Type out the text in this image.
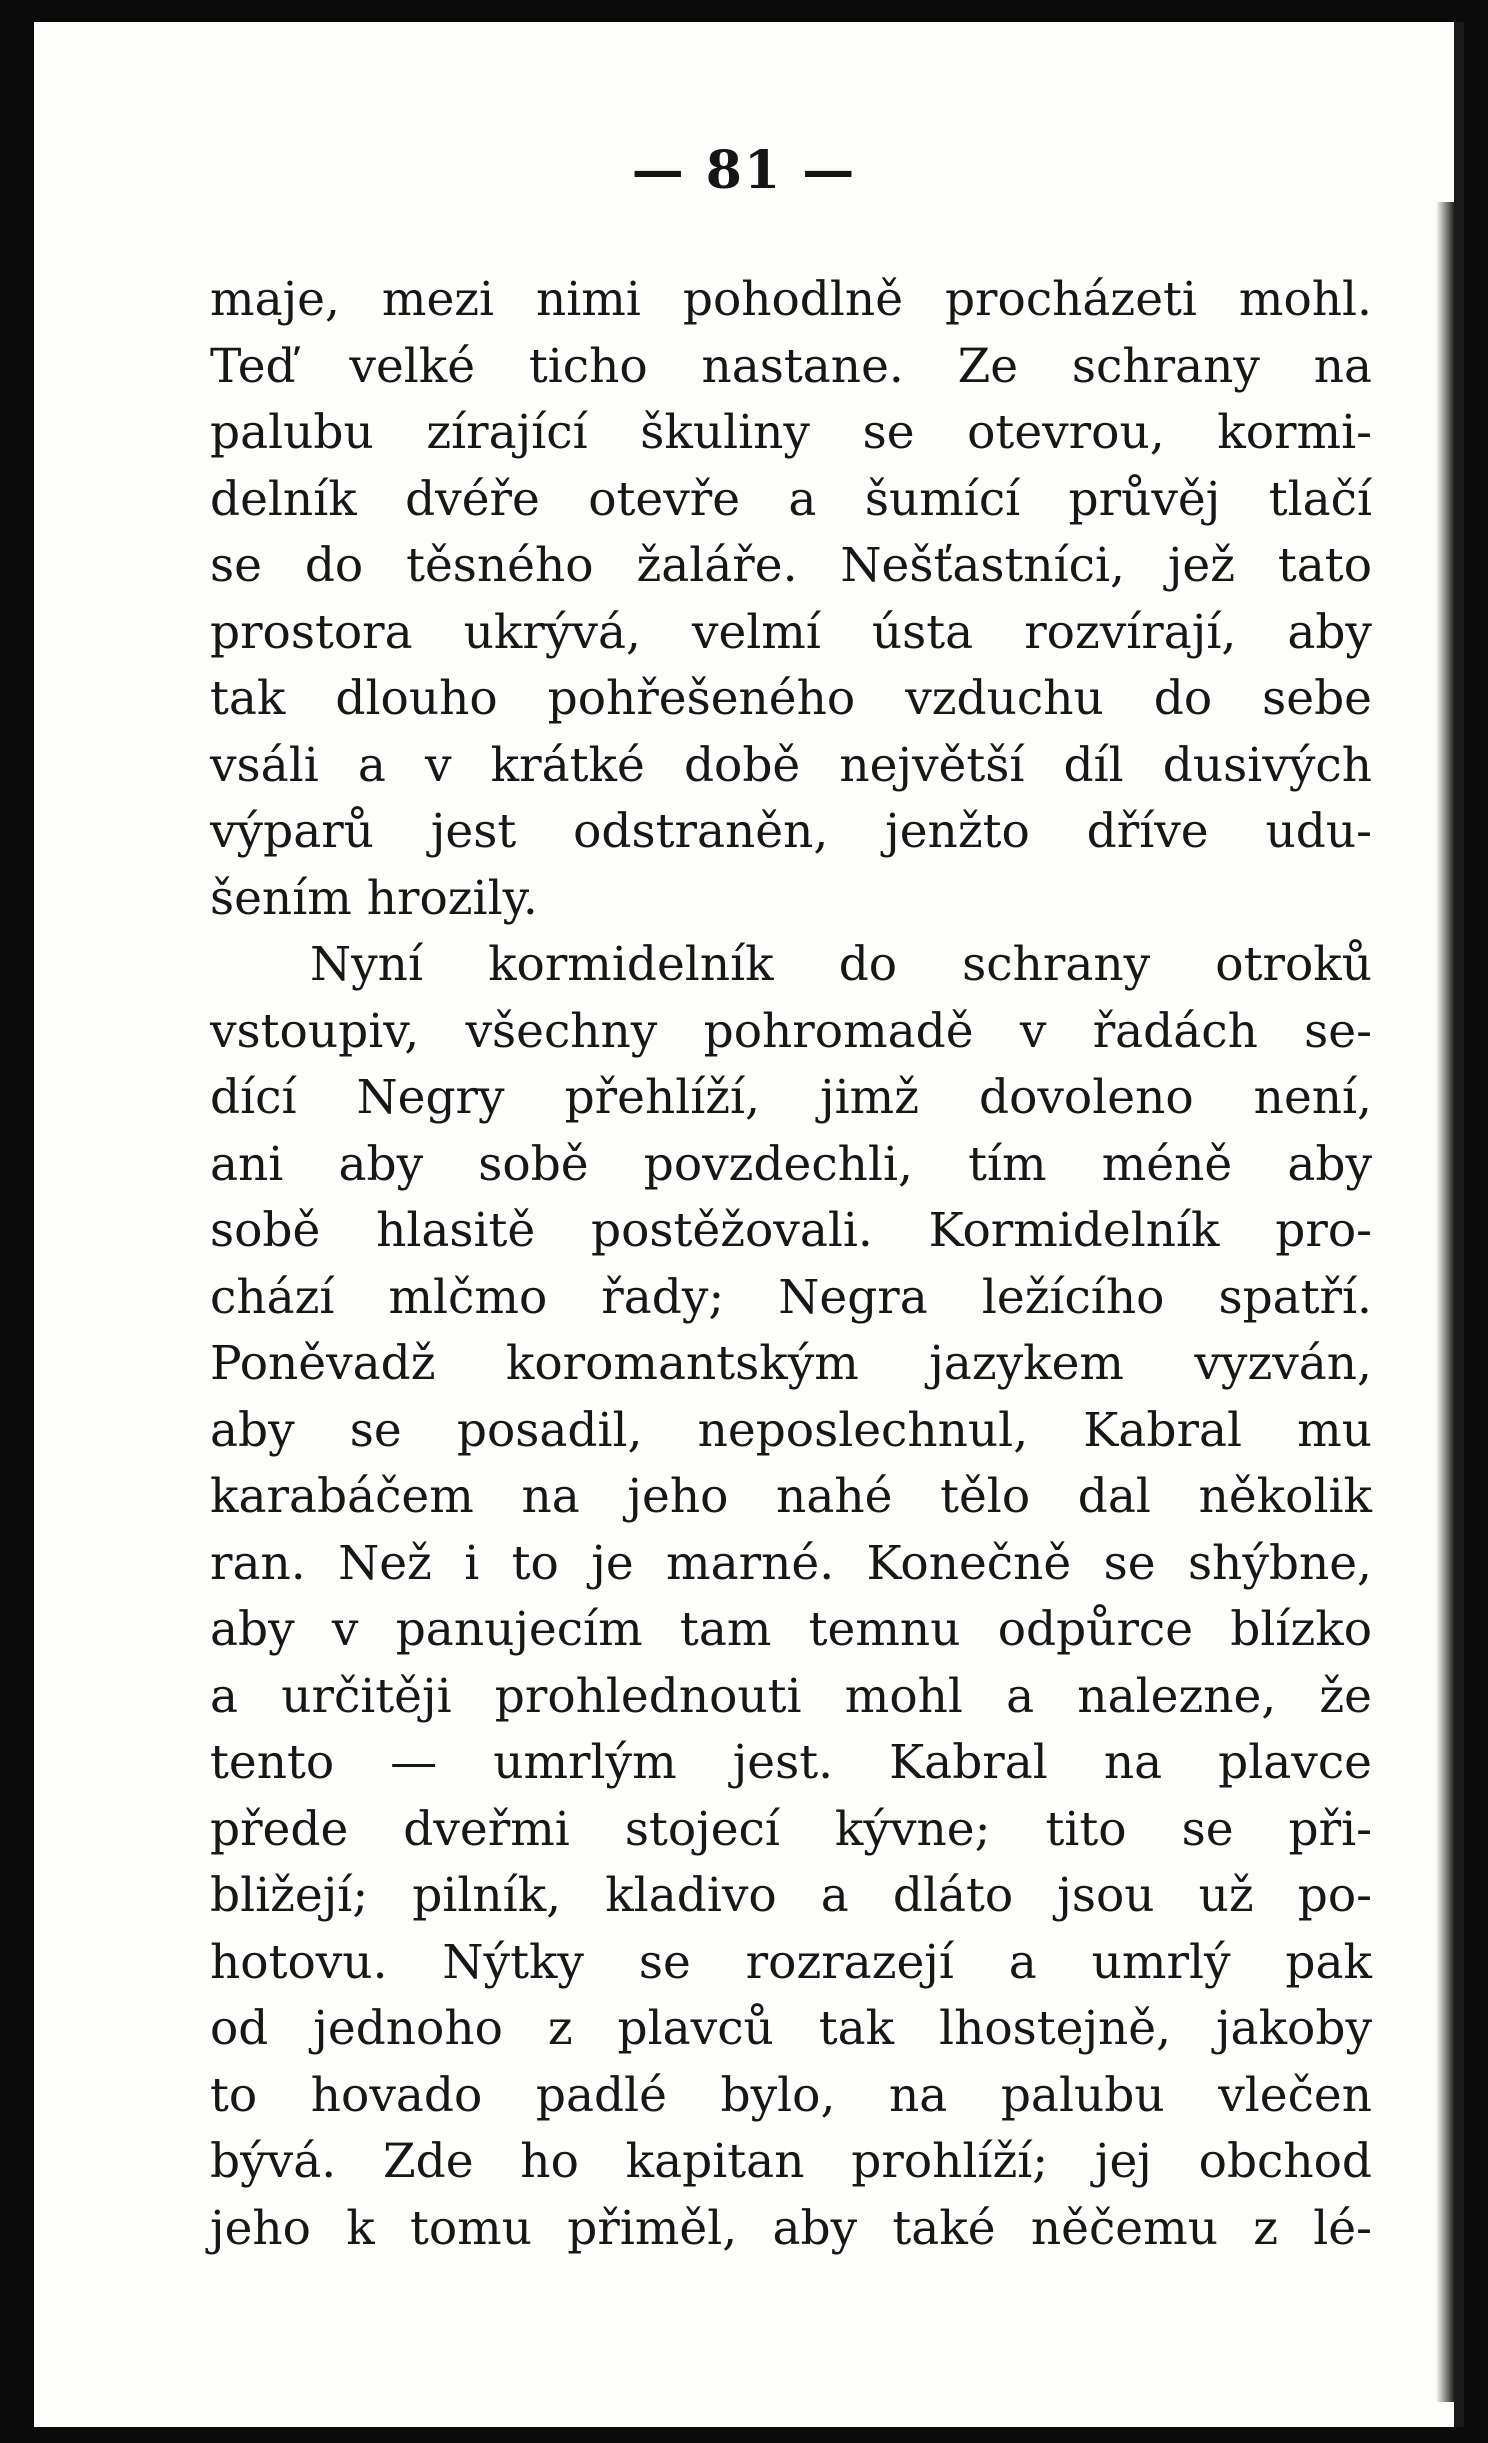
— 81 —
maje, mezi nimi pohodlně procházeti mohl.
Teď velké ticho nastane. Ze schrany na
palubu zírající škuliny se otevrou, kormi-
delník dvéře otevře a šumící průvěj tlačí
se do těsného žaláře. Nešťastníci, jež tato
prostora ukrývá, velmí ústa rozvírají, aby
tak dlouho pohřešeného vzduchu do sebe
vsáli a v krátké době největší díl dusivých
výparů jest odstraněn, jenžto dříve udu-
šením hrozily.
Nyní kormidelník do schrany otroků
vstoupiv, všechny pohromadě v řadách se-
dící Negry přehlíží, jimž dovoleno není,
ani aby sobě povzdechli, tím méně aby
sobě hlasitě postěžovali. Kormidelník pro-
chází mlčmo řady; Negra ležícího spatří.
Poněvadž koromantským jazykem vyzván,
aby se posadil, neposlechnul, Kabral mu
karabáčem na jeho nahé tělo dal několik
ran. Než i to je marné. Konečně se shýbne,
aby v panujecím tam temnu odpůrce blízko
a určitěji prohlednouti mohl a nalezne, že
tento — umrlým jest. Kabral na plavce
přede dveřmi stojecí kývne; tito se při-
bližejí; pilník, kladivo a dláto jsou už po-
hotovu. Nýtky se rozrazejí a umrlý pak
od jednoho z plavců tak lhostejně, jakoby
to hovado padlé bylo, na palubu vlečen
bývá. Zde ho kapitan prohlíží; jej obchod
jeho k tomu přiměl, aby také něčemu z lé-
